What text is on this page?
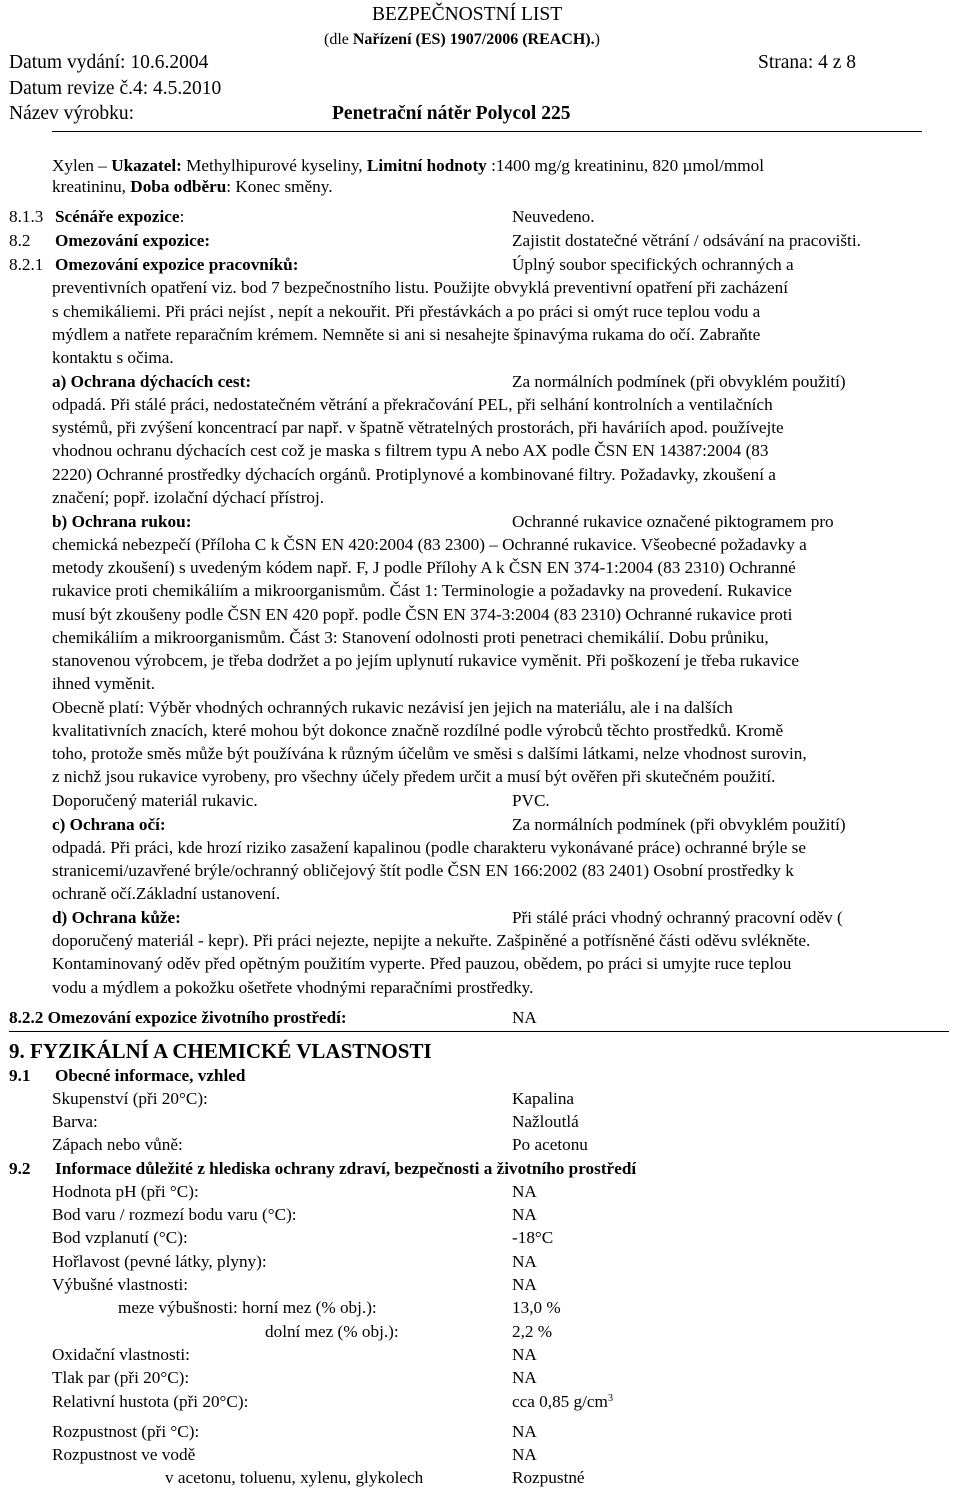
BEZPEČNOSTNÍ LIST
(dle Nařízení (ES) 1907/2006 (REACH).)
Datum vydání: 10.6.2004	Strana: 4 z 8
Datum revize č.4: 4.5.2010
Název výrobku:	Penetrační nátěr Polycol 225
Xylen – Ukazatel: Methylhipurové kyseliny, Limitní hodnoty :1400 mg/g kreatininu, 820 µmol/mmol
kreatininu, Doba odběru: Konec směny.
8.1.3 Scénáře expozice:	Neuvedeno.
8.2 Omezování expozice:	Zajistit dostatečné větrání / odsávání na pracovišti.
8.2.1 Omezování expozice pracovníků:	Úplný soubor specifických ochranných a
preventivních opatření viz. bod 7 bezpečnostního listu. Použijte obvyklá preventivní opatření při zacházení
s chemikáliemi. Při práci nejíst , nepít a nekouřit. Při přestávkách a po práci si omýt ruce teplou vodu a
mýdlem a natřete reparačním krémem. Nemněte si ani si nesahejte špinavýma rukama do očí. Zabraňte
kontaktu s očima.
a) Ochrana dýchacích cest:	Za normálních podmínek (při obvyklém použití)
odpadá. Při stálé práci, nedostatečném větrání a překračování PEL, při selhání kontrolních a ventilačních
systémů, při zvýšení koncentrací par např. v špatně větratelných prostorách, při haváriích apod. používejte
vhodnou ochranu dýchacích cest což je maska s filtrem typu A nebo AX podle ČSN EN 14387:2004 (83
2220) Ochranné prostředky dýchacích orgánů. Protiplynové a kombinované filtry. Požadavky, zkoušení a
značení; popř. izolační dýchací přístroj.
b) Ochrana rukou:	Ochranné rukavice označené piktogramem pro
chemická nebezpečí (Příloha C k ČSN EN 420:2004 (83 2300) – Ochranné rukavice. Všeobecné požadavky a
metody zkoušení) s uvedeným kódem např. F, J podle Přílohy A k ČSN EN 374-1:2004 (83 2310) Ochranné
rukavice proti chemikáliím a mikroorganismům. Část 1: Terminologie a požadavky na provedení. Rukavice
musí být zkoušeny podle ČSN EN 420 popř. podle ČSN EN 374-3:2004 (83 2310) Ochranné rukavice proti
chemikáliím a mikroorganismům. Část 3: Stanovení odolnosti proti penetraci chemikálií. Dobu průniku,
stanovenou výrobcem, je třeba dodržet a po jejím uplynutí rukavice vyměnit. Při poškození je třeba rukavice
ihned vyměnit.
Obecně platí: Výběr vhodných ochranných rukavic nezávisí jen jejich na materiálu, ale i na dalších
kvalitativních znacích, které mohou být dokonce značně rozdílné podle výrobců těchto prostředků. Kromě
toho, protože směs může být používána k různým účelům ve směsi s dalšími látkami, nelze vhodnost surovin,
z nichž jsou rukavice vyrobeny, pro všechny účely předem určit a musí být ověřen při skutečném použití.
Doporučený materiál rukavic.	PVC.
c) Ochrana očí:	Za normálních podmínek (při obvyklém použití)
odpadá. Při práci, kde hrozí riziko zasažení kapalinou (podle charakteru vykonávané práce) ochranné brýle se
stranicemi/uzavřené brýle/ochranný obličejový štít podle ČSN EN 166:2002 (83 2401) Osobní prostředky k
ochraně očí.Základní ustanovení.
d) Ochrana kůže:	Při stálé práci vhodný ochranný pracovní oděv (
doporučený materiál - kepr). Při práci nejezte, nepijte a nekuřte. Zašpiněné a potřísněné části oděvu svlékněte.
Kontaminovaný oděv před opětným použitím vyperte. Před pauzou, obědem, po práci si umyjte ruce teplou
vodu a mýdlem a pokožku ošetřete vhodnými reparačními prostředky.
8.2.2 Omezování expozice životního prostředí:	NA
9. FYZIKÁLNÍ A CHEMICKÉ VLASTNOSTI
9.1 Obecné informace, vzhled
Skupenství (při 20°C):	Kapalina
Barva:	Nažloutlá
Zápach nebo vůně:	Po acetonu
9.2 Informace důležité z hlediska ochrany zdraví, bezpečnosti a životního prostředí
Hodnota pH (při °C):	NA
Bod varu / rozmezí bodu varu (°C):	NA
Bod vzplanutí (°C):	-18°C
Hořlavost (pevné látky, plyny):	NA
Výbušné vlastnosti:	NA
meze výbušnosti: horní mez (% obj.):	13,0 %
dolní mez (% obj.):	2,2 %
Oxidační vlastnosti:	NA
Tlak par (při 20°C):	NA
Relativní hustota (při 20°C):	cca 0,85 $g/cm^3$
Rozpustnost (při °C):	NA
Rozpustnost ve vodě	NA
v acetonu, toluenu, xylenu, glykolech	Rozpustné
